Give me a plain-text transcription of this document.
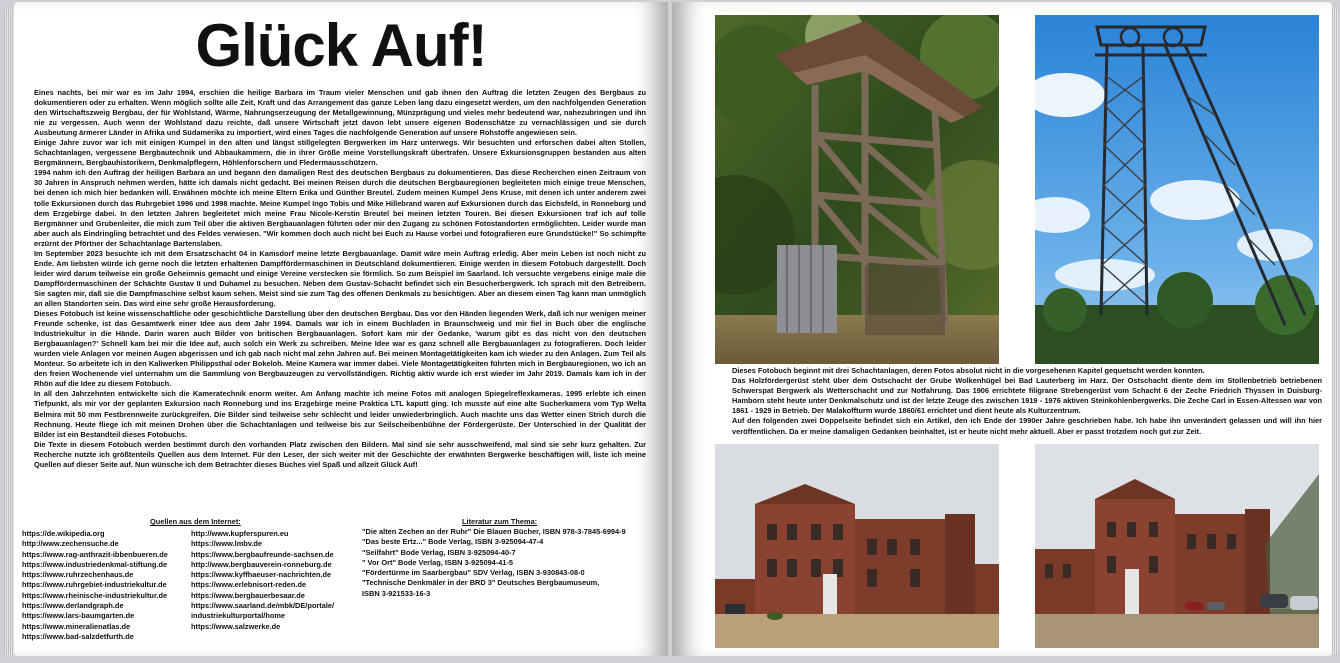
Glück Auf!

Eines nachts, bei mir war es im Jahr 1994, erschien die heilige Barbara im Traum vieler Menschen und gab ihnen den Auftrag die letzten Zeugen des Bergbaus zu dokumentieren oder zu erhalten. Wenn möglich sollte alle Zeit, Kraft und das Arrangement das ganze Leben lang dazu eingesetzt werden, um den nachfolgenden Generation den Wirtschaftszweig Bergbau, der für Wohlstand, Wärme, Nahrungserzeugung der Metallgewinnung, Münzprägung und vieles mehr bedeutend war, nahezubringen und ihn nie zu vergessen. Auch wenn der Wohlstand dazu reichte, daß unsere Wirtschaft jetzt davon lebt unsere eigenen Bodenschätze zu vernachlässigen und sie durch Ausbeutung ärmerer Länder in Afrika und Südamerika zu importiert, wird eines Tages die nachfolgende Generation auf unsere Rohstoffe angewiesen sein.

Einige Jahre zuvor war ich mit einigen Kumpel in den alten und längst stillgelegten Bergwerken im Harz unterwegs. Wir besuchten und erforschen dabei alten Stollen, Schachtanlagen, vergessene Bergbautechnik und Abbaukammern, die in ihrer Größe meine Vorstellungskraft übertrafen. Unsere Exkursionsgruppen bestanden aus alten Bergmännern, Bergbauhistorikern, Denkmalpflegern, Höhlenforschern und Fledermausschützern.

1994 nahm ich den Auftrag der heiligen Barbara an und begann den damaligen Rest des deutschen Bergbaus zu dokumentieren. Das diese Recherchen einen Zeitraum von 30 Jahren in Anspruch nehmen werden, hätte ich damals nicht gedacht. Bei meinen Reisen durch die deutschen Bergbauregionen begleiteten mich einige treue Menschen, bei denen ich mich hier bedanken will. Erwähnen möchte ich meine Eltern Erika und Günther Breutel. Zudem meinen Kumpel Jens Kruse, mit denen ich unter anderem zwei tolle Exkursionen durch das Ruhrgebiet 1996 und 1998 machte. Meine Kumpel Ingo Tobis und Mike Hillebrand waren auf Exkursionen durch das Eichsfeld, in Ronneburg und dem Erzgebirge dabei. In den letzten Jahren begleitetet mich meine Frau Nicole-Kerstin Breutel bei meinen letzten Touren. Bei diesen Exkursionen traf ich auf tolle Bergmänner und Grubenleiter, die mich zum Teil über die aktiven Bergbauanlagen führten oder mir den Zugang zu schönen Fotostandorten ermöglichten. Leider wurde man aber auch als Eindringling betrachtet und des Feldes verwiesen. "Wir kommen doch auch nicht bei Euch zu Hause vorbei und fotografieren eure Grundstücke!" So schimpfte erzürnt der Pförtner der Schachtanlage Bartenslaben.

Im September 2023 besuchte ich mit dem Ersatzschacht 04 in Kamsdorf meine letzte Bergbauanlage. Damit wäre mein Auftrag erledig. Aber mein Leben ist noch nicht zu Ende. Am liebsten würde ich gerne noch die letzten erhaltenen Dampffördermaschinen in Deutschland dokumentieren. Einige werden in diesem Fotobuch dargestellt. Doch leider wird darum teilweise ein große Geheimnis gemacht und einige Vereine verstecken sie förmlich. So zum Beispiel im Saarland. Ich versuchte vergebens einige male die Dampffördermaschinen der Schächte Gustav II und Duhamel zu besuchen. Neben dem Gustav-Schacht befindet sich ein Besucherbergwerk. Ich sprach mit den Betreibern. Sie sagten mir, daß sie die Dampfmaschine selbst kaum sehen. Meist sind sie zum Tag des offenen Denkmals zu besichtigen. Aber an diesem einen Tag kann man unmöglich an allen Standorten sein. Das wird eine sehr große Herausforderung.

Dieses Fotobuch ist keine wissenschaftliche oder geschichtliche Darstellung über den deutschen Bergbau. Das vor den Händen liegenden Werk, daß ich nur wenigen meiner Freunde schenke, ist das Gesamtwerk einer Idee aus dem Jahr 1994. Damals war ich in einem Buchladen in Braunschweig und mir fiel in Buch über die englische Industriekultur in die Hände. Darin waren auch Bilder von britischen Bergbauanlagen. Sofort kam mir der Gedanke, 'warum gibt es das nicht von den deutschen Bergbauanlagen?' Schnell kam bei mir die Idee auf, auch solch ein Werk zu schreiben. Meine Idee war es ganz schnell alle Bergbauanlagen zu fotografieren. Doch leider wurden viele Anlagen vor meinen Augen abgerissen und ich gab nach nicht mal zehn Jahren auf. Bei meinen Montagetätigkeiten kam ich wieder zu den Anlagen. Zum Teil als Monteur. So arbeitete ich in den Kaliwerken Philippsthal oder Bokeloh. Meine Kamera war immer dabei. Viele Montagetätigkeiten führten mich in Bergbauregionen, wo ich an den freien Wochenende viel unternahm um die Sammlung von Bergbauzeugen zu vervollständigen. Richtig aktiv wurde ich erst wieder im Jahr 2019. Damals kam ich in der Rhön auf die Idee zu diesem Fotobuch.

In all den Jahrzehnten entwickelte sich die Kameratechnik enorm weiter. Am Anfang machte ich meine Fotos mit analogen Spiegelreflexkameras. 1995 erlebte ich einen Tiefpunkt, als mir vor der geplanten Exkursion nach Ronneburg und ins Erzgebirge meine Praktica LTL kaputt ging. Ich musste auf eine alte Sucherkamera vom Typ Welta Belmira mit 50 mm Festbrennweite zurückgreifen. Die Bilder sind teilweise sehr schlecht und leider unwiederbringlich. Auch machte uns das Wetter einen Strich durch die Rechnung. Heute fliege ich mit meinen Drohen über die Schachtanlagen und teilweise bis zur Seilscheibenbühne der Fördergerüste. Der Unterschied in der Qualität der Bilder ist ein Bestandteil dieses Fotobuchs.

Die Texte in diesem Fotobuch werden bestimmt durch den vorhanden Platz zwischen den Bildern. Mal sind sie sehr ausschweifend, mal sind sie sehr kurz gehalten. Zur Recherche nutzte ich größtenteils Quellen aus dem Internet. Für den Leser, der sich weiter mit der Geschichte der erwähnten Bergwerke beschäftigen will, liste ich meine Quellen auf dieser Seite auf. Nun wünsche ich dem Betrachter dieses Buches viel Spaß und allzeit Glück Auf!

Quellen aus dem Internet:	Literatur zum Thema:
https://de.wikipedia.org
http://www.zechensuche.de
https://www.rag-anthrazit-ibbenbueren.de
https://www.industriedenkmal-stiftung.de
https://www.ruhrzechenhaus.de
https://www.ruhrgebiet-industriekultur.de
https://www.rheinische-industriekultur.de
https://www.derlandgraph.de
https://www.lars-baumgarten.de
https://www.mineralienatlas.de
https://www.bad-salzdetfurth.de
http://www.kupferspuren.eu
https://www.lmbv.de
https://www.bergbaufreunde-sachsen.de
http://www.bergbauverein-ronneburg.de
https://www.kyffhaeuser-nachrichten.de
https://www.erlebnisort-reden.de
https://www.bergbauerbesaar.de
https://www.saarland.de/mbk/DE/portale/
industriekulturportal/home
https://www.salzwerke.de
"Die alten Zechen an der Ruhr" Die Blauen Bücher, ISBN 978-3-7845-6994-9
"Das beste Ertz..." Bode Verlag, ISBN 3-925094-47-4
"Seilfahrt" Bode Verlag, ISBN 3-925094-40-7
" Vor Ort" Bode Verlag, ISBN 3-925094-41-5
"Fördertürme im Saarbergbau" SDV Verlag, ISBN 3-930843-08-0
"Technische Denkmäler in der BRD 3" Deutsches Bergbaumuseum,
ISBN 3-921533-16-3

Dieses Fotobuch beginnt mit drei Schachtanlagen, deren Fotos absolut nicht in die vorgesehenen Kapitel gequetscht werden konnten.

Das Holzfördergerüst steht über dem Ostschacht der Grube Wolkenhügel bei Bad Lauterberg im Harz. Der Ostschacht diente dem im Stollenbetrieb betriebenen Schwerspat Bergwerk als Wetterschacht und zur Notfahrung. Das 1906 errichtete filigrane Strebengerüst vom Schacht 6 der Zeche Friedrich Thyssen in Duisburg-Hamborn steht heute unter Denkmalschutz und ist der letzte Zeuge des zwischen 1919 - 1976 aktiven Steinkohlenbergwerks. Die Zeche Carl in Essen-Altessen war von 1861 - 1929 in Betrieb. Der Malakoffturm wurde 1860/61 errichtet und dient heute als Kulturzentrum.

Auf den folgenden zwei Doppelseite befindet sich ein Artikel, den ich Ende der 1990er Jahre geschrieben habe. Ich habe ihn unverändert gelassen und will ihn hier veröffentlichen. Da er meine damaligen Gedanken beinhaltet, ist er heute nicht mehr aktuell. Aber er passt trotzdem noch gut zur Zeit.
